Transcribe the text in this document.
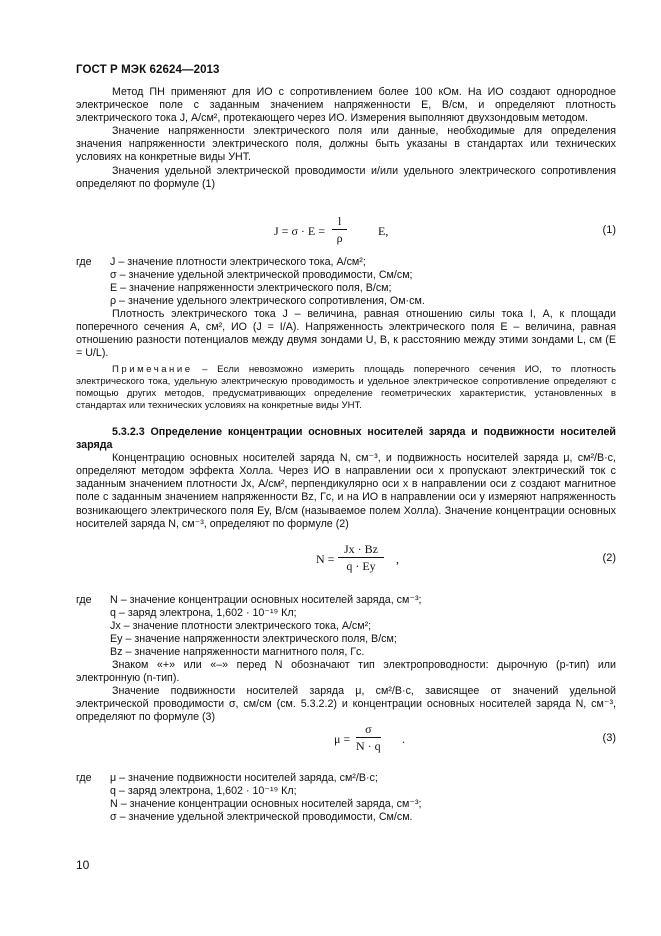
ГОСТ Р МЭК 62624—2013

Метод ПН применяют для ИО с сопротивлением более 100 кОм. На ИО создают однородное электрическое поле с заданным значением напряженности E, В/см, и определяют плотность электрического тока J, А/см², протекающего через ИО. Измерения выполняют двухзондовым методом.

Значение напряженности электрического поля или данные, необходимые для определения значения напряженности электрического поля, должны быть указаны в стандартах или технических условиях на конкретные виды УНТ.

Значения удельной электрической проводимости и/или удельного электрического сопротивления определяют по формуле (1)

$J = \sigma \cdot E = \frac{l}{\rho}$	E,	(1)
где	J – значение плотности электрического тока, А/см²;
σ – значение удельной электрической проводимости, См/см;
E – значение напряженности электрического поля, В/см;
ρ – значение удельного электрического сопротивления, Ом·см.

Плотность электрического тока J – величина, равная отношению силы тока I, А, к площади поперечного сечения A, см², ИО (J = I/A). Напряженность электрического поля E – величина, равная отношению разности потенциалов между двумя зондами U, В, к расстоянию между этими зондами L, см (E = U/L).

Примечание – Если невозможно измерить площадь поперечного сечения ИО, то плотность электрического тока, удельную электрическую проводимость и удельное электрическое сопротивление определяют с помощью других методов, предусматривающих определение геометрических характеристик, установленных в стандартах или технических условиях на конкретные виды УНТ.

5.3.2.3 Определение концентрации основных носителей заряда и подвижности носителей заряда

Концентрацию основных носителей заряда N, см⁻³, и подвижность носителей заряда μ, см²/В·с, определяют методом эффекта Холла. Через ИО в направлении оси x пропускают электрический ток с заданным значением плотности Jx, А/см², перпендикулярно оси x в направлении оси z создают магнитное поле с заданным значением напряженности Bz, Гс, и на ИО в направлении оси y измеряют напряженность возникающего электрического поля Ey, В/см (называемое полем Холла). Значение концентрации основных носителей заряда N, см⁻³, определяют по формуле (2)

$N = \frac{Jx \cdot Bz}{q \cdot Ey}$ ,	(2)
где	N – значение концентрации основных носителей заряда, см⁻³;
q – заряд электрона, 1,602 · 10⁻¹⁹ Кл;
Jx – значение плотности электрического тока, А/см²;
Ey – значение напряженности электрического поля, В/см;
Bz – значение напряженности магнитного поля, Гс.

Знаком «+» или «–» перед N обозначают тип электропроводности: дырочную (p-тип) или электронную (n-тип).

Значение подвижности носителей заряда μ, см²/В·с, зависящее от значений удельной электрической проводимости σ, см/см (см. 5.3.2.2) и концентрации основных носителей заряда N, см⁻³, определяют по формуле (3)

$\mu = \frac{\sigma}{N \cdot q}$ .	(3)
где	μ – значение подвижности носителей заряда, см²/В·с;
q – заряд электрона, 1,602 · 10⁻¹⁹ Кл;
N – значение концентрации основных носителей заряда, см⁻³;
σ – значение удельной электрической проводимости, См/см.
10
